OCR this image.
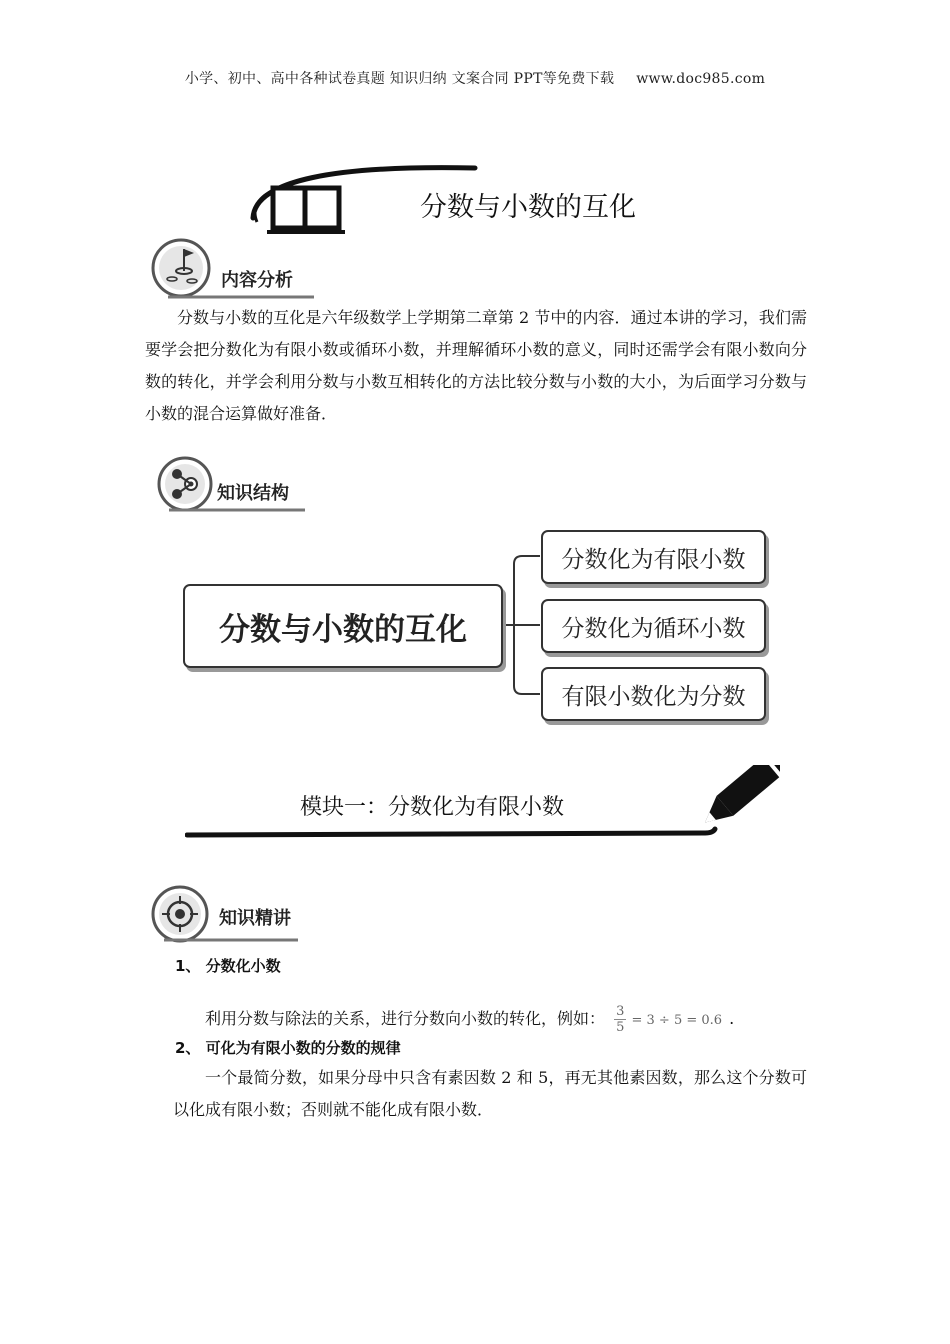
小学、初中、高中各种试卷真题 知识归纳 文案合同 PPT等免费下载 www.doc985.com
分数与小数的互化
内容分析

分数与小数的互化是六年级数学上学期第二章第 2 节中的内容．通过本讲的学习，我们需要学会把分数化为有限小数或循环小数，并理解循环小数的意义，同时还需学会有限小数向分数的转化，并学会利用分数与小数互相转化的方法比较分数与小数的大小，为后面学习分数与小数的混合运算做好准备．

知识结构
分数与小数的互化
分数化为有限小数
分数化为循环小数
有限小数化为分数
模块一：分数化为有限小数
知识精讲
1、 分数化小数
利用分数与除法的关系，进行分数向小数的转化，例如： $\frac{3}{5} = 3 \div 5 = 0.6$ .
2、 可化为有限小数的分数的规律

一个最简分数，如果分母中只含有素因数 2 和 5，再无其他素因数，那么这个分数可以化成有限小数；否则就不能化成有限小数．
